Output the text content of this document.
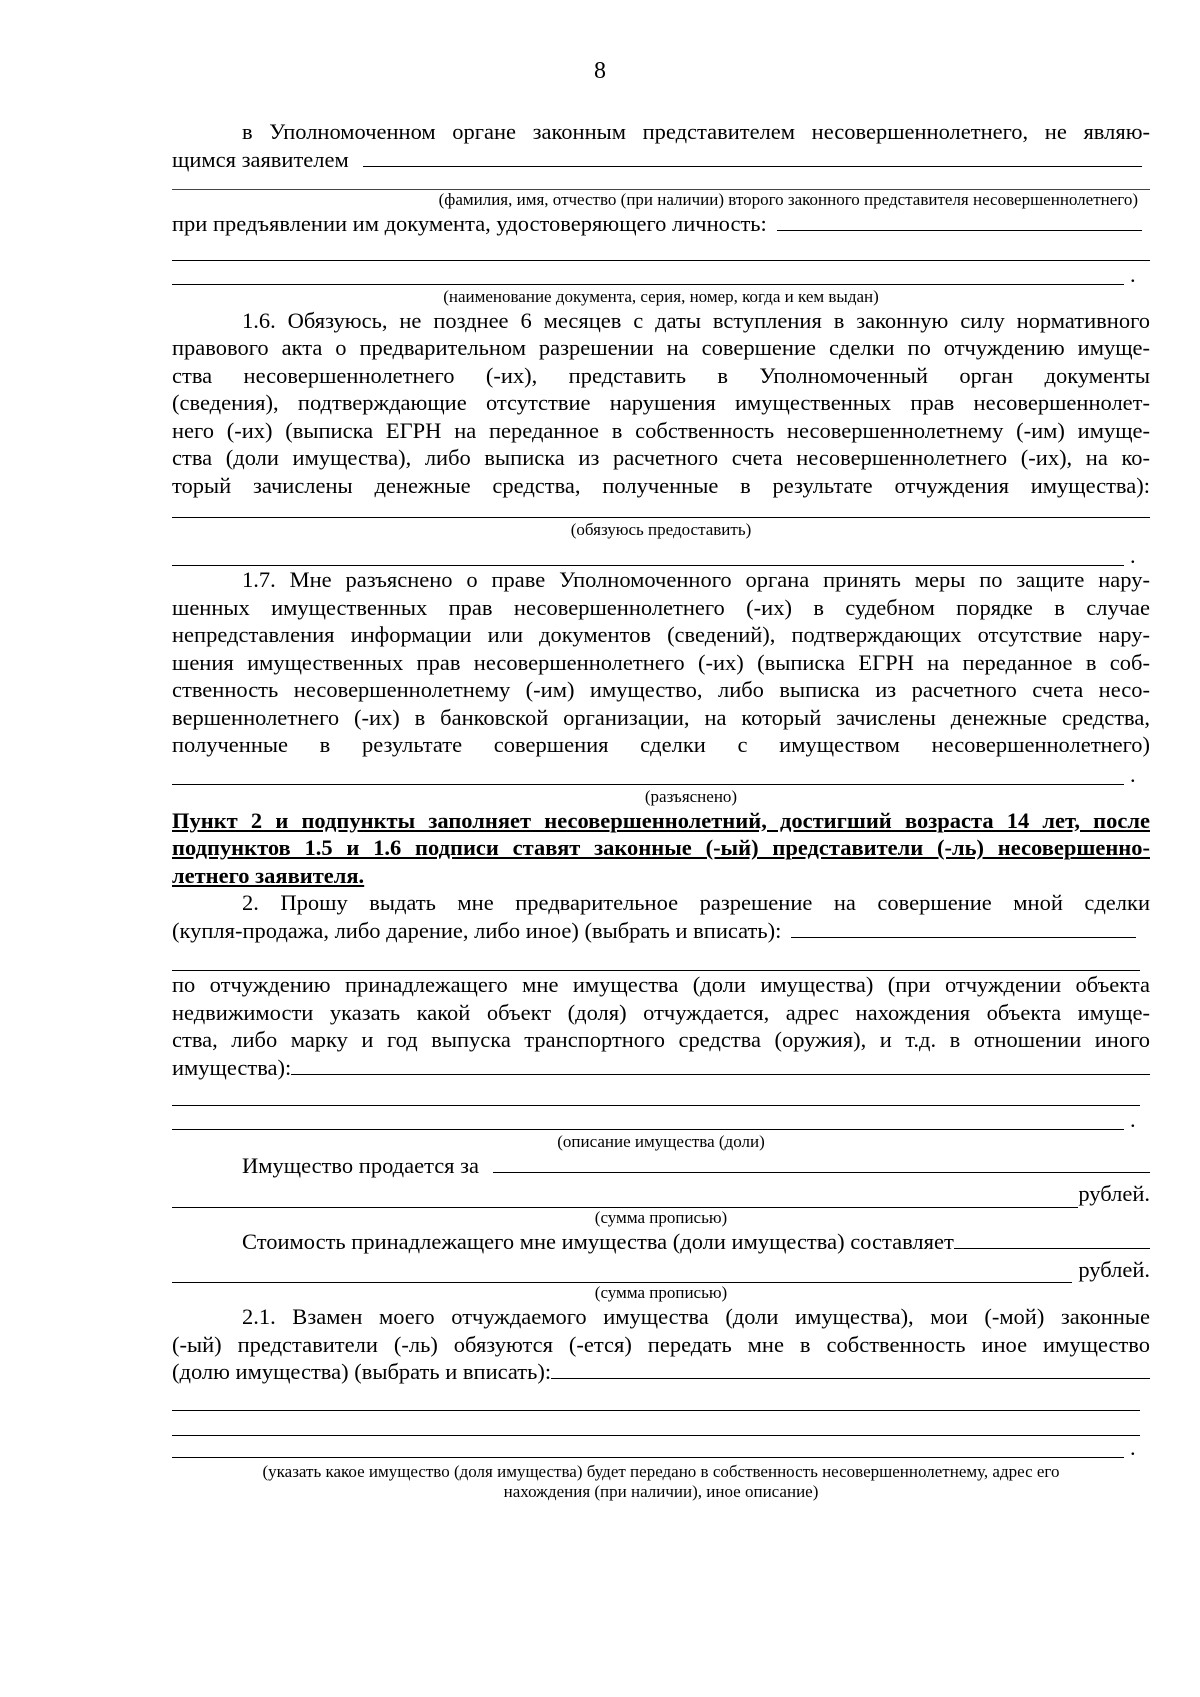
8

в Уполномоченном органе законным представителем несовершеннолетнего, не являю-

щимся заявителем

(фамилия, имя, отчество (при наличии) второго законного представителя несовершеннолетнего)

при предъявлении им документа, удостоверяющего личность:
.

(наименование документа, серия, номер, когда и кем выдан)

1.6. Обязуюсь, не позднее 6 месяцев с даты вступления в законную силу нормативного

правового акта о предварительном разрешении на совершение сделки по отчуждению имуще-

ства несовершеннолетнего (-их), представить в Уполномоченный орган документы

(сведения), подтверждающие отсутствие нарушения имущественных прав несовершеннолет-

него (-их) (выписка ЕГРН на переданное в собственность несовершеннолетнему (-им) имуще-

ства (доли имущества), либо выписка из расчетного счета несовершеннолетнего (-их), на ко-

торый зачислены денежные средства, полученные в результате отчуждения имущества):

(обязуюсь предоставить)

.

1.7. Мне разъяснено о праве Уполномоченного органа принять меры по защите нару-

шенных имущественных прав несовершеннолетнего (-их) в судебном порядке в случае

непредставления информации или документов (сведений), подтверждающих отсутствие нару-

шения имущественных прав несовершеннолетнего (-их) (выписка ЕГРН на переданное в соб-

ственность несовершеннолетнему (-им) имущество, либо выписка из расчетного счета несо-

вершеннолетнего (-их) в банковской организации, на который зачислены денежные средства,

полученные в результате совершения сделки с имуществом несовершеннолетнего)

.

(разъяснено)

Пункт 2 и подпункты заполняет несовершеннолетний, достигший возраста 14 лет, после

подпунктов 1.5 и 1.6 подписи ставят законные (-ый) представители (-ль) несовершенно-

летнего заявителя.

2. Прошу выдать мне предварительное разрешение на совершение мной сделки

(купля-продажа, либо дарение, либо иное) (выбрать и вписать):

по отчуждению принадлежащего мне имущества (доли имущества) (при отчуждении объекта

недвижимости указать какой объект (доля) отчуждается, адрес нахождения объекта имуще-

ства, либо марку и год выпуска транспортного средства (оружия), и т.д. в отношении иного

имущества):
.

(описание имущества (доли)

Имущество продается за
рублей.

(сумма прописью)

Стоимость принадлежащего мне имущества (доли имущества) составляет
рублей.

(сумма прописью)

2.1. Взамен моего отчуждаемого имущества (доли имущества), мои (-мой) законные

(-ый) представители (-ль) обязуются (-ется) передать мне в собственность иное имущество

(долю имущества) (выбрать и вписать):
.

(указать какое имущество (доля имущества) будет передано в собственность несовершеннолетнему, адрес его

нахождения (при наличии), иное описание)
